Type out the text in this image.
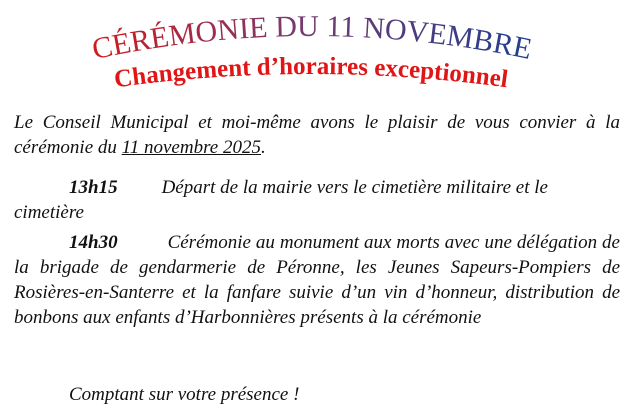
CÉRÉMONIE DU 11 NOVEMBRE
Changement d’horaires exceptionnel
Le Conseil Municipal et moi-même avons le plaisir de vous convier à la cérémonie du 11 novembre 2025.
13h15 Départ de la mairie vers le cimetière militaire et le cimetière
14h30	Cérémonie au monument aux morts avec une délégation de la brigade de gendarmerie de Péronne, les Jeunes Sapeurs-Pompiers de Rosières-en-Santerre et la fanfare suivie d’un vin d’honneur, distribution de bonbons aux enfants d’Harbonnières présents à la cérémonie
Comptant sur votre présence !
